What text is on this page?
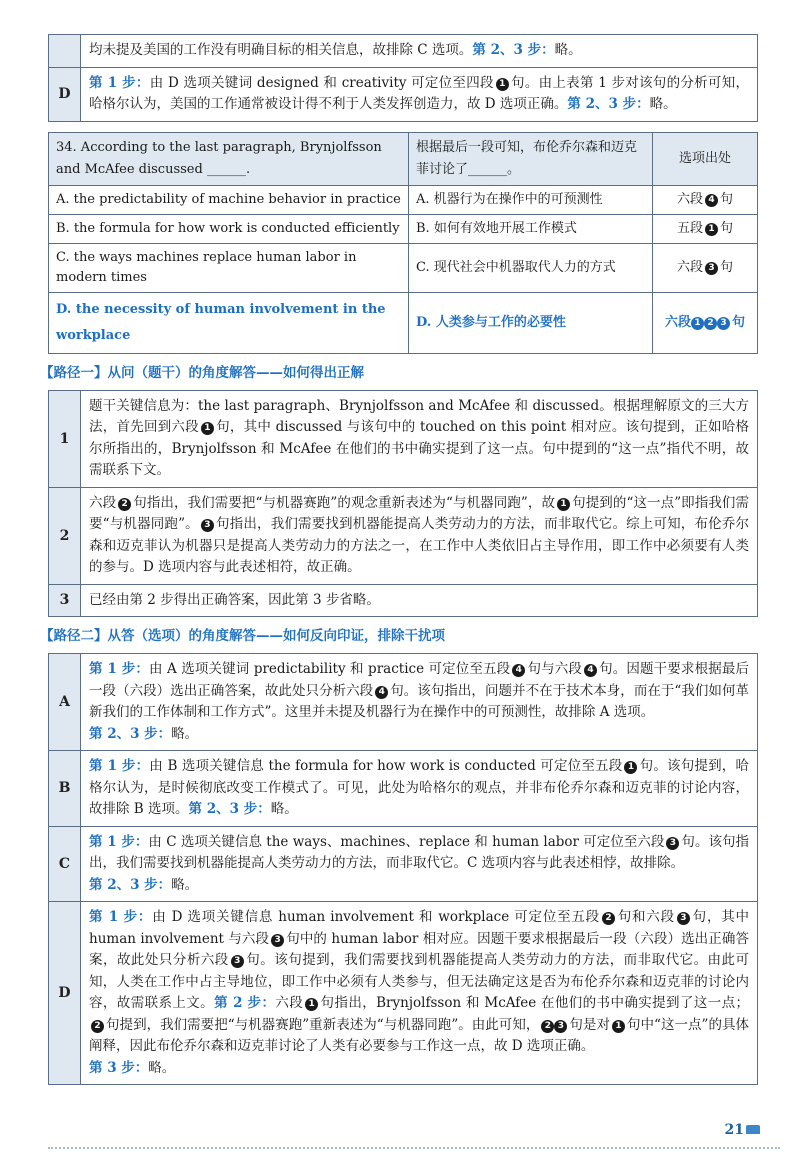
	均未提及美国的工作没有明确目标的相关信息，故排除 C 选项。第 2、3 步：略。
D	第 1 步：由 D 选项关键词 designed 和 creativity 可定位至四段 1 句。由上表第 1 步对该句的分析可知，哈格尔认为，美国的工作通常被设计得不利于人类发挥创造力，故 D 选项正确。第 2、3 步：略。
34. According to the last paragraph, Brynjolfsson and McAfee discussed ______.	根据最后一段可知，布伦乔尔森和迈克菲讨论了______。	选项出处
A. the predictability of machine behavior in practice	A. 机器行为在操作中的可预测性	六段 4 句
B. the formula for how work is conducted efficiently	B. 如何有效地开展工作模式	五段 1 句
C. the ways machines replace human labor in modern times	C. 现代社会中机器取代人力的方式	六段 3 句
D. the necessity of human involvement in the workplace	D. 人类参与工作的必要性	六段 1 2 3 句
【路径一】从问（题干）的角度解答——如何得出正解
1	题干关键信息为：the last paragraph、Brynjolfsson and McAfee 和 discussed。根据理解原文的三大方法，首先回到六段 1 句，其中 discussed 与该句中的 touched on this point 相对应。该句提到，正如哈格尔所指出的，Brynjolfsson 和 McAfee 在他们的书中确实提到了这一点。句中提到的“这一点”指代不明，故需联系下文。
2	六段 2 句指出，我们需要把“与机器赛跑”的观念重新表述为“与机器同跑”，故 1 句提到的“这一点”即指我们需要“与机器同跑”。 3 句指出，我们需要找到机器能提高人类劳动力的方法，而非取代它。综上可知，布伦乔尔森和迈克菲认为机器只是提高人类劳动力的方法之一，在工作中人类依旧占主导作用，即工作中必须要有人类的参与。D 选项内容与此表述相符，故正确。
3	已经由第 2 步得出正确答案，因此第 3 步省略。
【路径二】从答（选项）的角度解答——如何反向印证，排除干扰项
A	第 1 步：由 A 选项关键词 predictability 和 practice 可定位至五段 4 句与六段 4 句。因题干要求根据最后一段（六段）选出正确答案，故此处只分析六段 4 句。该句指出，问题并不在于技术本身，而在于“我们如何革新我们的工作体制和工作方式”。这里并未提及机器行为在操作中的可预测性，故排除 A 选项。
第 2、3 步：略。
B	第 1 步：由 B 选项关键信息 the formula for how work is conducted 可定位至五段 1 句。该句提到，哈格尔认为，是时候彻底改变工作模式了。可见，此处为哈格尔的观点，并非布伦乔尔森和迈克菲的讨论内容，故排除 B 选项。第 2、3 步：略。
C	第 1 步：由 C 选项关键信息 the ways、machines、replace 和 human labor 可定位至六段 3 句。该句指出，我们需要找到机器能提高人类劳动力的方法，而非取代它。C 选项内容与此表述相悖，故排除。
第 2、3 步：略。
D	第 1 步：由 D 选项关键信息 human involvement 和 workplace 可定位至五段 2 句和六段 3 句，其中 human involvement 与六段 3 句中的 human labor 相对应。因题干要求根据最后一段（六段）选出正确答案，故此处只分析六段 3 句。该句提到，我们需要找到机器能提高人类劳动力的方法，而非取代它。由此可知，人类在工作中占主导地位，即工作中必须有人类参与，但无法确定这是否为布伦乔尔森和迈克菲的讨论内容，故需联系上文。第 2 步：六段 1 句指出，Brynjolfsson 和 McAfee 在他们的书中确实提到了这一点；2 句提到，我们需要把“与机器赛跑”重新表述为“与机器同跑”。由此可知， 2 3 句是对 1 句中“这一点”的具体阐释，因此布伦乔尔森和迈克菲讨论了人类有必要参与工作这一点，故 D 选项正确。
第 3 步：略。
21
